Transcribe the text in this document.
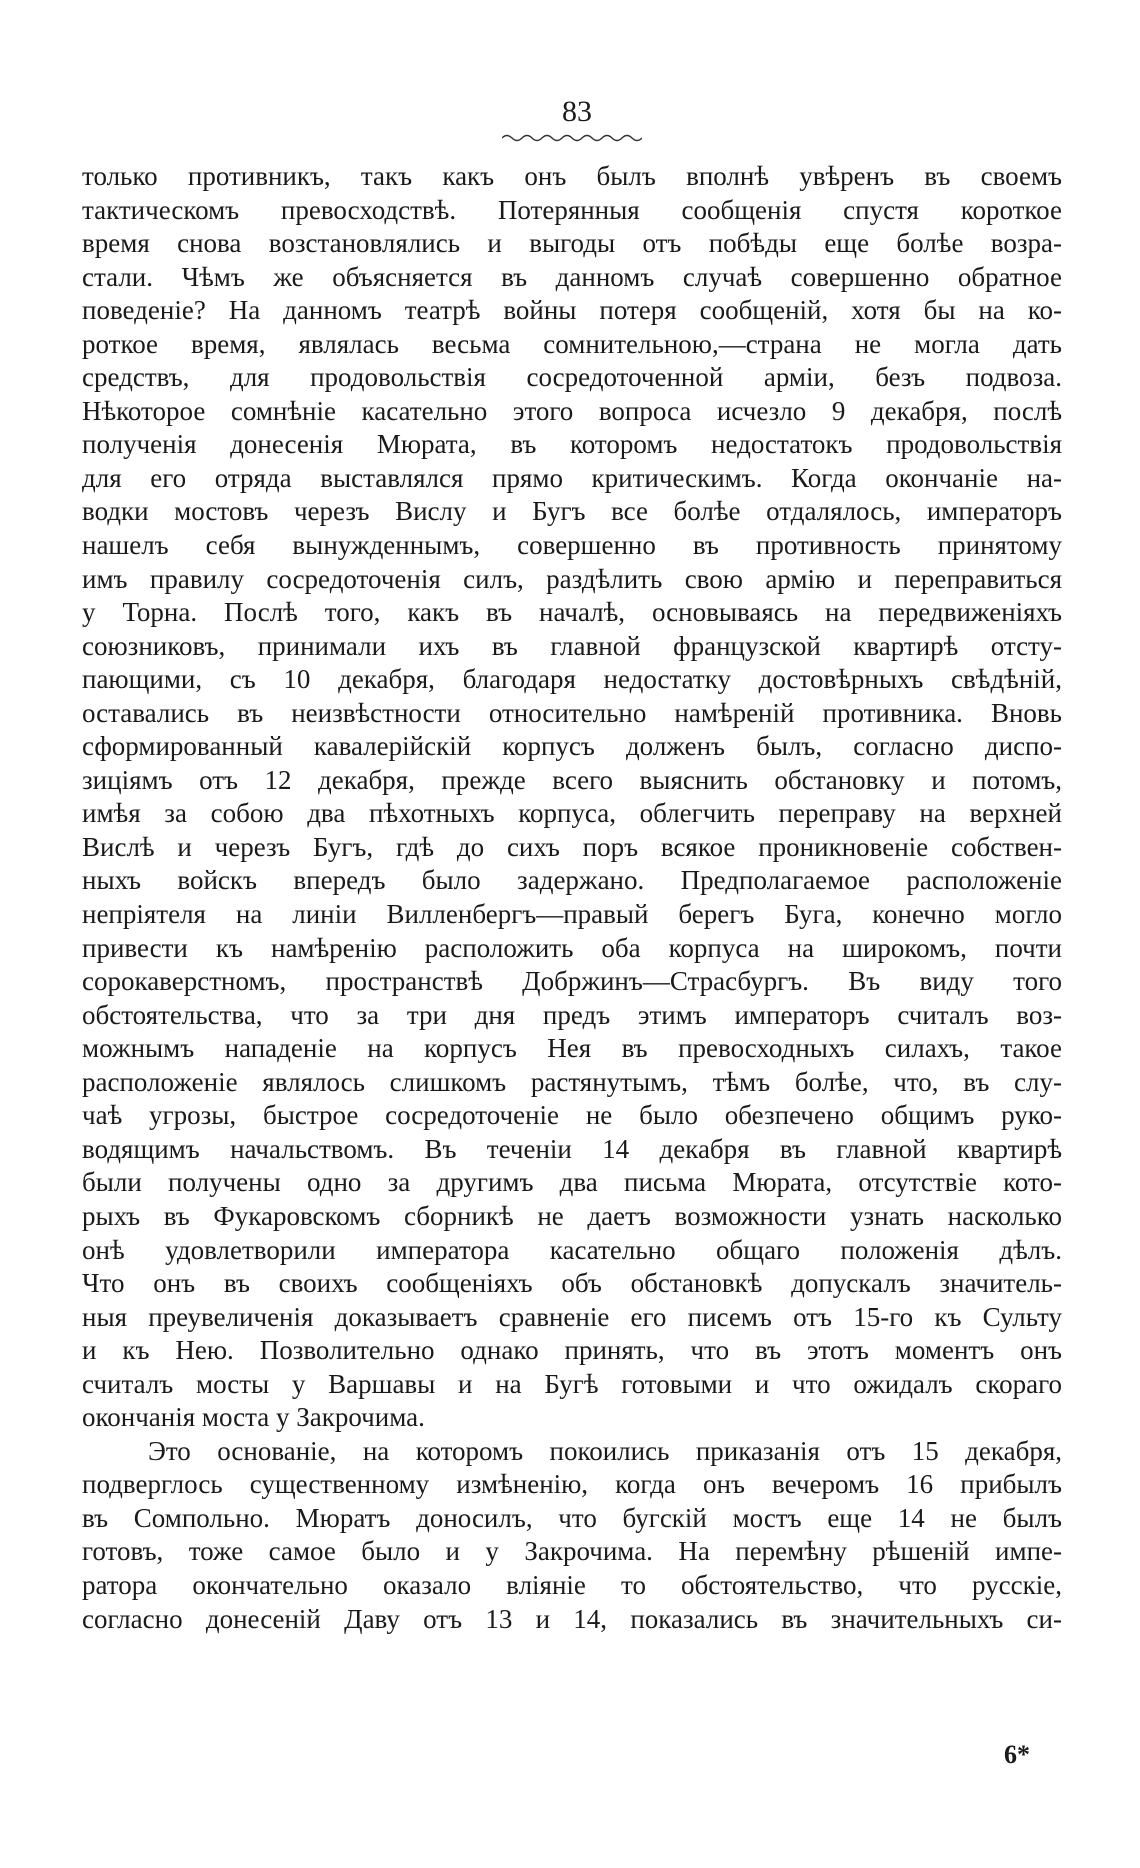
83
только противникъ, такъ какъ онъ былъ вполнѣ увѣренъ въ своемъ
тактическомъ превосходствѣ. Потерянныя сообщенія спустя короткое
время снова возстановлялись и выгоды отъ побѣды еще болѣе возра-
стали. Чѣмъ же объясняется въ данномъ случаѣ совершенно обратное
поведеніе? На данномъ театрѣ войны потеря сообщеній, хотя бы на ко-
роткое время, являлась весьма сомнительною,—страна не могла дать
средствъ, для продовольствія сосредоточенной арміи, безъ подвоза.
Нѣкоторое сомнѣніе касательно этого вопроса исчезло 9 декабря, послѣ
полученія донесенія Мюрата, въ которомъ недостатокъ продовольствія
для его отряда выставлялся прямо критическимъ. Когда окончаніе на-
водки мостовъ черезъ Вислу и Бугъ все болѣе отдалялось, императоръ
нашелъ себя вынужденнымъ, совершенно въ противность принятому
имъ правилу сосредоточенія силъ, раздѣлить свою армію и переправиться
у Торна. Послѣ того, какъ въ началѣ, основываясь на передвиженіяхъ
союзниковъ, принимали ихъ въ главной французской квартирѣ отсту-
пающими, съ 10 декабря, благодаря недостатку достовѣрныхъ свѣдѣній,
оставались въ неизвѣстности относительно намѣреній противника. Вновь
сформированный кавалерійскій корпусъ долженъ былъ, согласно диспо-
зиціямъ отъ 12 декабря, прежде всего выяснить обстановку и потомъ,
имѣя за собою два пѣхотныхъ корпуса, облегчить переправу на верхней
Вислѣ и черезъ Бугъ, гдѣ до сихъ поръ всякое проникновеніе собствен-
ныхъ войскъ впередъ было задержано. Предполагаемое расположеніе
непріятеля на линіи Вилленбергъ—правый берегъ Буга, конечно могло
привести къ намѣренію расположить оба корпуса на широкомъ, почти
сорокаверстномъ, пространствѣ Добржинъ—Страсбургъ. Въ виду того
обстоятельства, что за три дня предъ этимъ императоръ считалъ воз-
можнымъ нападеніе на корпусъ Нея въ превосходныхъ силахъ, такое
расположеніе являлось слишкомъ растянутымъ, тѣмъ болѣе, что, въ слу-
чаѣ угрозы, быстрое сосредоточеніе не было обезпечено общимъ руко-
водящимъ начальствомъ. Въ теченіи 14 декабря въ главной квартирѣ
были получены одно за другимъ два письма Мюрата, отсутствіе кото-
рыхъ въ Фукаровскомъ сборникѣ не даетъ возможности узнать насколько
онѣ удовлетворили императора касательно общаго положенія дѣлъ.
Что онъ въ своихъ сообщеніяхъ объ обстановкѣ допускалъ значитель-
ныя преувеличенія доказываетъ сравненіе его писемъ отъ 15-го къ Сульту
и къ Нею. Позволительно однако принять, что въ этотъ моментъ онъ
считалъ мосты у Варшавы и на Бугѣ готовыми и что ожидалъ скораго
окончанія моста у Закрочима.
Это основаніе, на которомъ покоились приказанія отъ 15 декабря,
подверглось существенному измѣненію, когда онъ вечеромъ 16 прибылъ
въ Сомпольно. Мюратъ доносилъ, что бугскій мостъ еще 14 не былъ
готовъ, тоже самое было и у Закрочима. На перемѣну рѣшеній импе-
ратора окончательно оказало вліяніе то обстоятельство, что русскіе,
согласно донесеній Даву отъ 13 и 14, показались въ значительныхъ си-
6*
